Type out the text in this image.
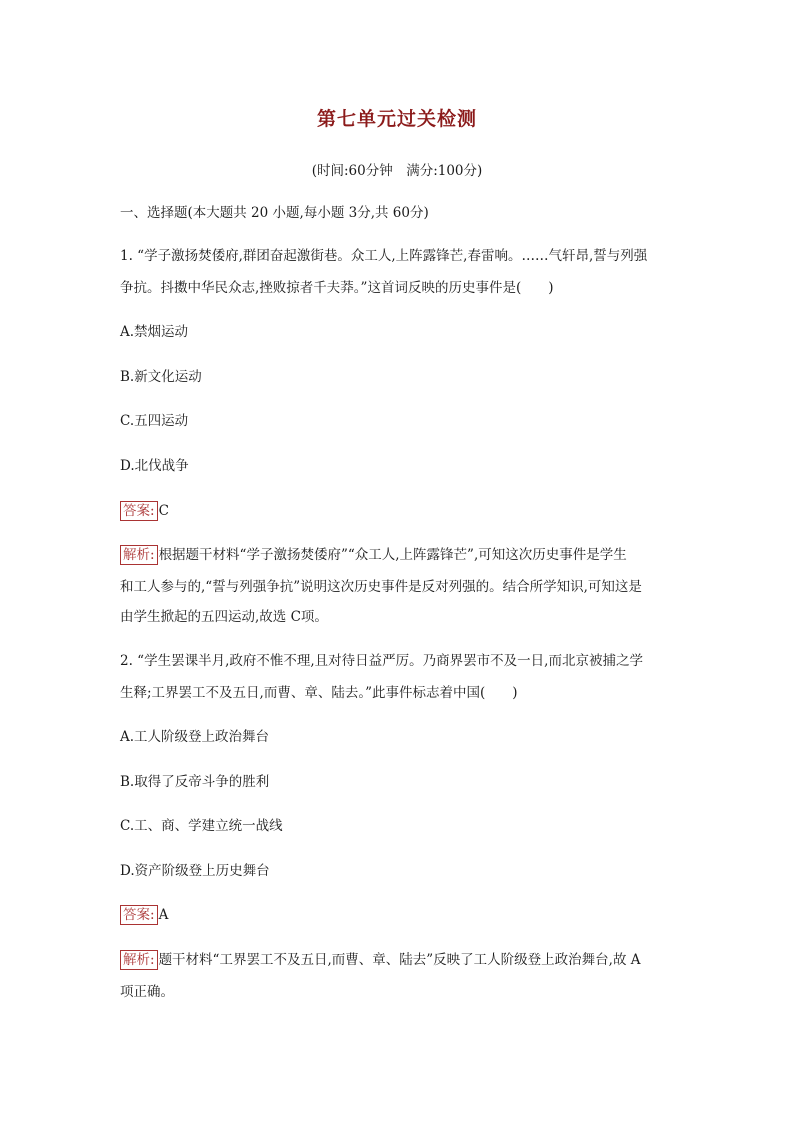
第七单元过关检测
(时间:60分钟　满分:100分)
一、选择题(本大题共 20 小题,每小题 3分,共 60分)
1. “学子激扬焚倭府,群团奋起激街巷。众工人,上阵露锋芒,春雷响。……气轩昂,誓与列强
争抗。抖擞中华民众志,挫败掠者千夫莽。”这首词反映的历史事件是(　　)
A.禁烟运动
B.新文化运动
C.五四运动
D.北伐战争
答案: C
解析: 根据题干材料“学子激扬焚倭府”“众工人,上阵露锋芒”,可知这次历史事件是学生
和工人参与的,“誓与列强争抗”说明这次历史事件是反对列强的。结合所学知识,可知这是
由学生掀起的五四运动,故选 C项。
2. “学生罢课半月,政府不惟不理,且对待日益严厉。乃商界罢市不及一日,而北京被捕之学
生释;工界罢工不及五日,而曹、章、陆去。”此事件标志着中国(　　)
A.工人阶级登上政治舞台
B.取得了反帝斗争的胜利
C.工、商、学建立统一战线
D.资产阶级登上历史舞台
答案: A
解析: 题干材料“工界罢工不及五日,而曹、章、陆去”反映了工人阶级登上政治舞台,故 A
项正确。
